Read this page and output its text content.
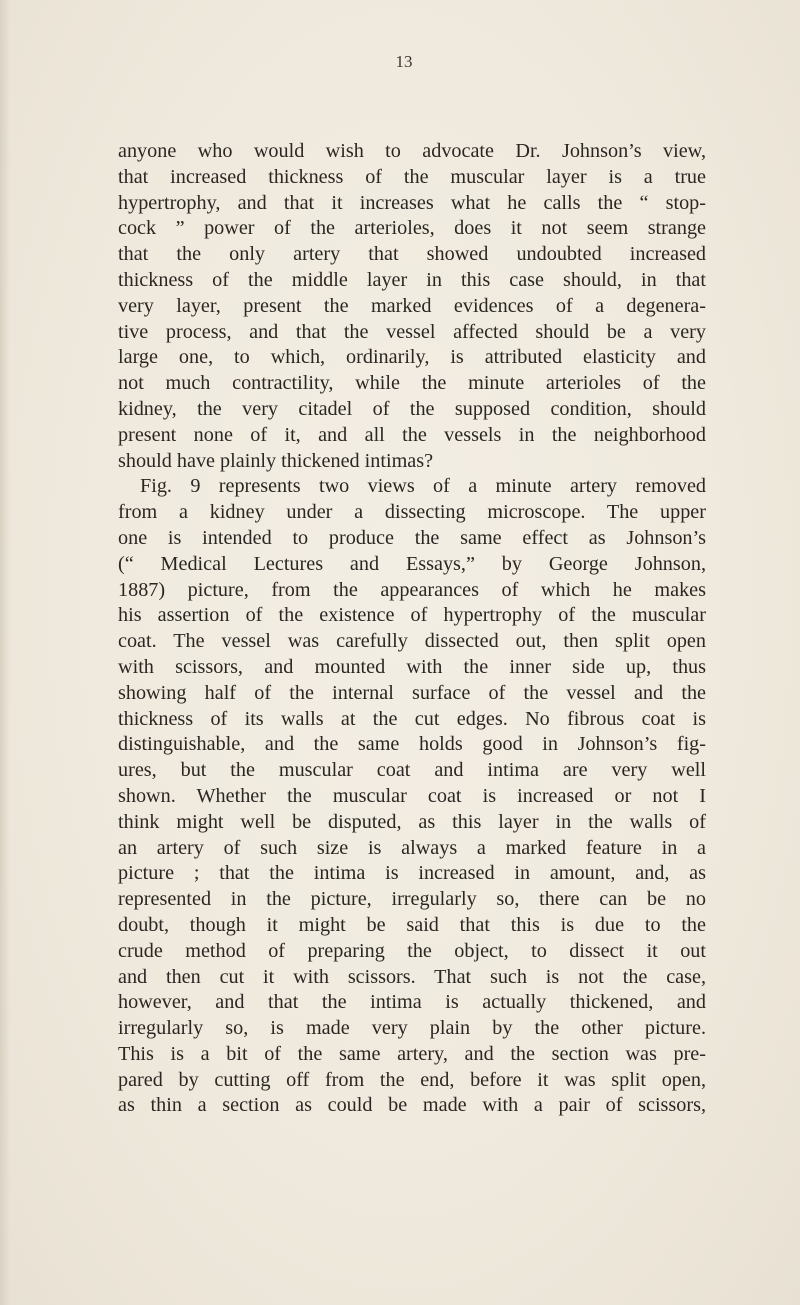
13
anyone who would wish to advocate Dr. Johnson’s view,
that increased thickness of the muscular layer is a true
hypertrophy, and that it increases what he calls the “ stop-
cock ” power of the arterioles, does it not seem strange
that the only artery that showed undoubted increased
thickness of the middle layer in this case should, in that
very layer, present the marked evidences of a degenera-
tive process, and that the vessel affected should be a very
large one, to which, ordinarily, is attributed elasticity and
not much contractility, while the minute arterioles of the
kidney, the very citadel of the supposed condition, should
present none of it, and all the vessels in the neighborhood
should have plainly thickened intimas?
Fig. 9 represents two views of a minute artery removed
from a kidney under a dissecting microscope. The upper
one is intended to produce the same effect as Johnson’s
(“ Medical Lectures and Essays,” by George Johnson,
1887) picture, from the appearances of which he makes
his assertion of the existence of hypertrophy of the muscular
coat. The vessel was carefully dissected out, then split open
with scissors, and mounted with the inner side up, thus
showing half of the internal surface of the vessel and the
thickness of its walls at the cut edges. No fibrous coat is
distinguishable, and the same holds good in Johnson’s fig-
ures, but the muscular coat and intima are very well
shown. Whether the muscular coat is increased or not I
think might well be disputed, as this layer in the walls of
an artery of such size is always a marked feature in a
picture ; that the intima is increased in amount, and, as
represented in the picture, irregularly so, there can be no
doubt, though it might be said that this is due to the
crude method of preparing the object, to dissect it out
and then cut it with scissors. That such is not the case,
however, and that the intima is actually thickened, and
irregularly so, is made very plain by the other picture.
This is a bit of the same artery, and the section was pre-
pared by cutting off from the end, before it was split open,
as thin a section as could be made with a pair of scissors,
